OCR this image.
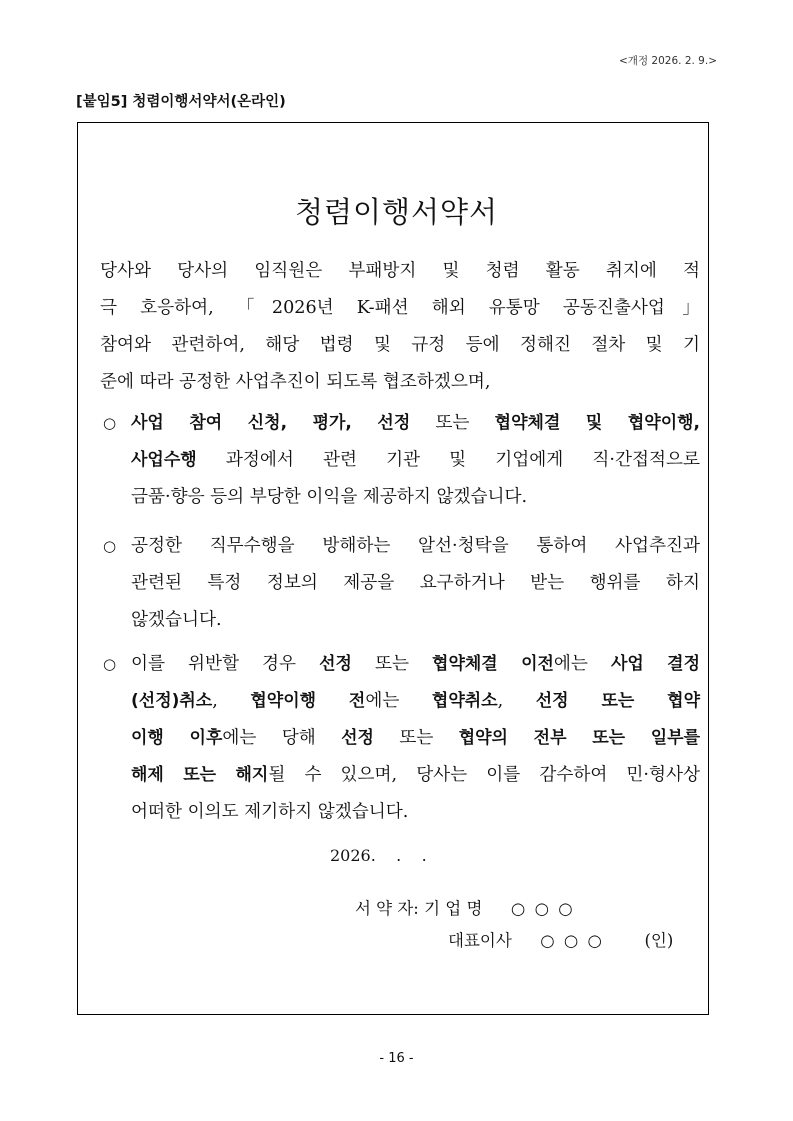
<개정 2026. 2. 9.>
[붙임5] 청렴이행서약서(온라인)
청렴이행서약서
당사와 당사의 임직원은 부패방지 및 청렴 활동 취지에 적
극 호응하여, 「2026년 K-패션 해외 유통망 공동진출사업」
참여와 관련하여, 해당 법령 및 규정 등에 정해진 절차 및 기
준에 따라 공정한 사업추진이 되도록 협조하겠으며,
○ 사업 참여 신청, 평가, 선정 또는 협약체결 및 협약이행,
사업수행 과정에서 관련 기관 및 기업에게 직·간접적으로
금품·향응 등의 부당한 이익을 제공하지 않겠습니다.
○ 공정한 직무수행을 방해하는 알선·청탁을 통하여 사업추진과
관련된 특정 정보의 제공을 요구하거나 받는 행위를 하지
않겠습니다.
○ 이를 위반할 경우 선정 또는 협약체결 이전에는 사업 결정
(선정)취소, 협약이행 전에는 협약취소, 선정 또는 협약
이행 이후에는 당해 선정 또는 협약의 전부 또는 일부를
해제 또는 해지될 수 있으며, 당사는 이를 감수하여 민·형사상
어떠한 이의도 제기하지 않겠습니다.
2026.    .    .
서 약 자: 기 업 명 ○ ○ ○
대표이사 ○ ○ ○ (인)
- 16 -
